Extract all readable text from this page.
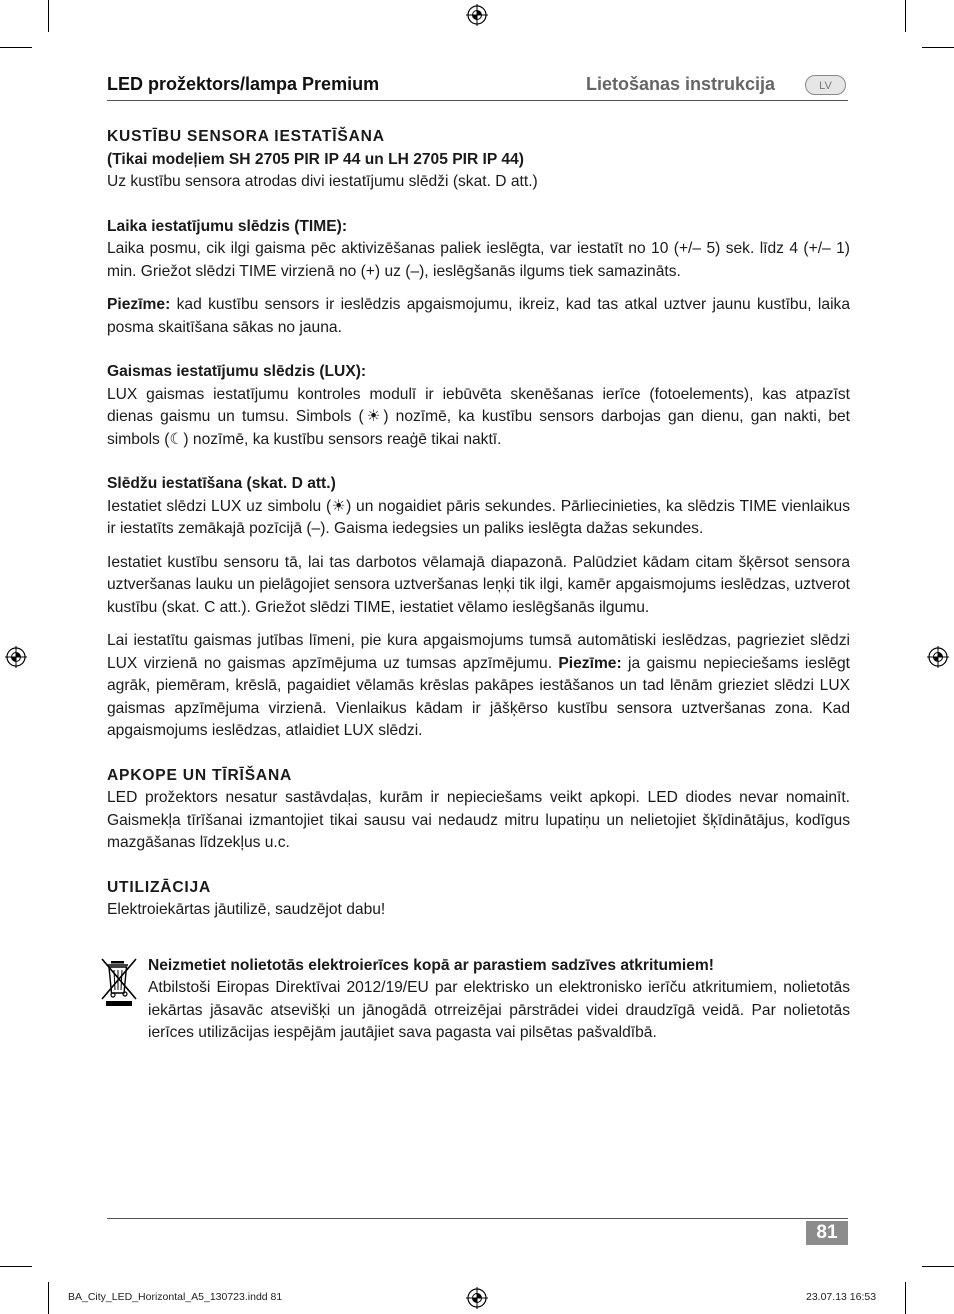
LED prožektors/lampa Premium	Lietošanas instrukcija	LV

KUSTĪBU SENSORA IESTATĪŠANA

(Tikai modeļiem SH 2705 PIR IP 44 un LH 2705 PIR IP 44)

Uz kustību sensora atrodas divi iestatījumu slēdži (skat. D att.)

Laika iestatījumu slēdzis (TIME):

Laika posmu, cik ilgi gaisma pēc aktivizēšanas paliek ieslēgta, var iestatīt no 10 (+/– 5) sek. līdz 4 (+/– 1) min. Griežot slēdzi TIME virzienā no (+) uz (–), ieslēgšanās ilgums tiek samazināts.

Piezīme: kad kustību sensors ir ieslēdzis apgaismojumu, ikreiz, kad tas atkal uztver jaunu kustību, laika posma skaitīšana sākas no jauna.

Gaismas iestatījumu slēdzis (LUX):

LUX gaismas iestatījumu kontroles modulī ir iebūvēta skenēšanas ierīce (fotoelements), kas atpazīst dienas gaismu un tumsu. Simbols (☀) nozīmē, ka kustību sensors darbojas gan dienu, gan nakti, bet simbols (☾) nozīmē, ka kustību sensors reaģē tikai naktī.

Slēdžu iestatīšana (skat. D att.)

Iestatiet slēdzi LUX uz simbolu (☀) un nogaidiet pāris sekundes. Pārliecinieties, ka slēdzis TIME vienlaikus ir iestatīts zemākajā pozīcijā (–). Gaisma iedegsies un paliks ieslēgta dažas sekundes.

Iestatiet kustību sensoru tā, lai tas darbotos vēlamajā diapazonā. Palūdziet kādam citam šķērsot sensora uztveršanas lauku un pielāgojiet sensora uztveršanas leņķi tik ilgi, kamēr apgaismojums ieslēdzas, uztverot kustību (skat. C att.). Griežot slēdzi TIME, iestatiet vēlamo ieslēgšanās ilgumu.

Lai iestatītu gaismas jutības līmeni, pie kura apgaismojums tumsā automātiski ieslēdzas, pagrieziet slēdzi LUX virzienā no gaismas apzīmējuma uz tumsas apzīmējumu. Piezīme: ja gaismu nepieciešams ieslēgt agrāk, piemēram, krēslā, pagaidiet vēlamās krēslas pakāpes iestāšanos un tad lēnām grieziet slēdzi LUX gaismas apzīmējuma virzienā. Vienlaikus kādam ir jāšķērso kustību sensora uztveršanas zona. Kad apgaismojums ieslēdzas, atlaidiet LUX slēdzi.

APKOPE UN TĪRĪŠANA

LED prožektors nesatur sastāvdaļas, kurām ir nepieciešams veikt apkopi. LED diodes nevar nomainīt. Gaismekļa tīrīšanai izmantojiet tikai sausu vai nedaudz mitru lupatiņu un nelietojiet šķīdinātājus, kodīgus mazgāšanas līdzekļus u.c.

UTILIZĀCIJA

Elektroiekārtas jāutilizē, saudzējot dabu!

Neizmetiet nolietotās elektroierīces kopā ar parastiem sadzīves atkritumiem!

Atbilstoši Eiropas Direktīvai 2012/19/EU par elektrisko un elektronisko ierīču atkritumiem, nolietotās iekārtas jāsavāc atsevišķi un jānogādā otrreizējai pārstrādei videi draudzīgā veidā. Par nolietotās ierīces utilizācijas iespējām jautājiet sava pagasta vai pilsētas pašvaldībā.

81
BA_City_LED_Horizontal_A5_130723.indd 81	23.07.13 16:53
